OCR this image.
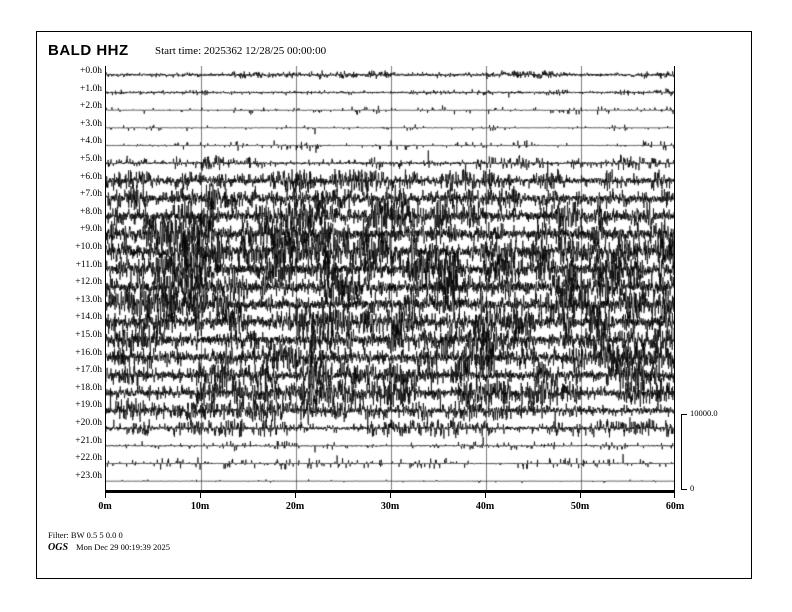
BALD HHZ Start time: 2025362 12/28/25 00:00:00
+0.0h
+1.0h
+2.0h
+3.0h
+4.0h
+5.0h
+6.0h
+7.0h
+8.0h
+9.0h
+10.0h
+11.0h
+12.0h
+13.0h
+14.0h
+15.0h
+16.0h
+17.0h
+18.0h
+19.0h
+20.0h
+21.0h
+22.0h
+23.0h
0m	10m	20m	30m	40m	50m	60m
10000.0
0
Filter: BW 0.5 5 0.0 0
OGS Mon Dec 29 00:19:39 2025
